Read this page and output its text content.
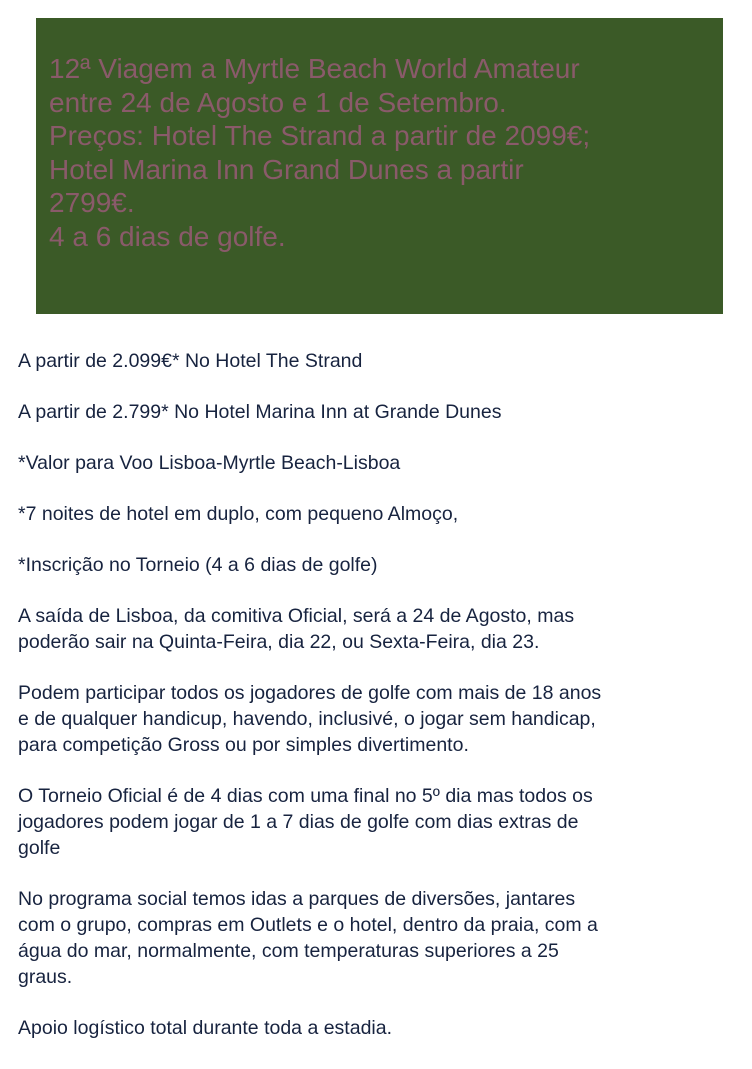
12ª Viagem a Myrtle Beach World Amateur
entre 24 de Agosto e 1 de Setembro.
Preços: Hotel The Strand a partir de 2099€;
Hotel Marina Inn Grand Dunes a partir
2799€.
4 a 6 dias de golfe.

A partir de 2.099€* No Hotel The Strand

A partir de 2.799* No Hotel Marina Inn at Grande Dunes

*Valor para Voo Lisboa-Myrtle Beach-Lisboa

*7 noites de hotel em duplo, com pequeno Almoço,

*Inscrição no Torneio (4 a 6 dias de golfe)

A saída de Lisboa, da comitiva Oficial, será a 24 de Agosto, mas
poderão sair na Quinta-Feira, dia 22, ou Sexta-Feira, dia 23.

Podem participar todos os jogadores de golfe com mais de 18 anos
e de qualquer handicup, havendo, inclusivé, o jogar sem handicap,
para competição Gross ou por simples divertimento.

O Torneio Oficial é de 4 dias com uma final no 5º dia mas todos os
jogadores podem jogar de 1 a 7 dias de golfe com dias extras de
golfe

No programa social temos idas a parques de diversões, jantares
com o grupo, compras em Outlets e o hotel, dentro da praia, com a
água do mar, normalmente, com temperaturas superiores a 25
graus.

Apoio logístico total durante toda a estadia.
